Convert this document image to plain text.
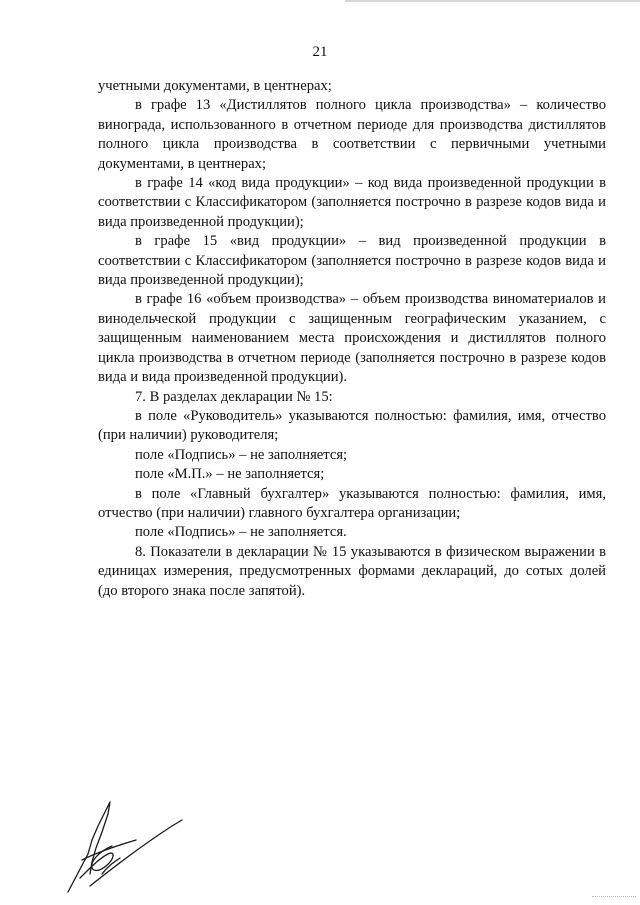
21

учетными документами, в центнерах;

в графе 13 «Дистиллятов полного цикла производства» – количество винограда, использованного в отчетном периоде для производства дистиллятов полного цикла производства в соответствии с первичными учетными документами, в центнерах;

в графе 14 «код вида продукции» – код вида произведенной продукции в соответствии с Классификатором (заполняется построчно в разрезе кодов вида и вида произведенной продукции);

в графе 15 «вид продукции» – вид произведенной продукции в соответствии с Классификатором (заполняется построчно в разрезе кодов вида и вида произведенной продукции);

в графе 16 «объем производства» – объем производства виноматериалов и винодельческой продукции с защищенным географическим указанием, с защищенным наименованием места происхождения и дистиллятов полного цикла производства в отчетном периоде (заполняется построчно в разрезе кодов вида и вида произведенной продукции).

7. В разделах декларации № 15:

в поле «Руководитель» указываются полностью: фамилия, имя, отчество (при наличии) руководителя;

поле «Подпись» – не заполняется;

поле «М.П.» – не заполняется;

в поле «Главный бухгалтер» указываются полностью: фамилия, имя, отчество (при наличии) главного бухгалтера организации;

поле «Подпись» – не заполняется.

8. Показатели в декларации № 15 указываются в физическом выражении в единицах измерения, предусмотренных формами деклараций, до сотых долей (до второго знака после запятой).
